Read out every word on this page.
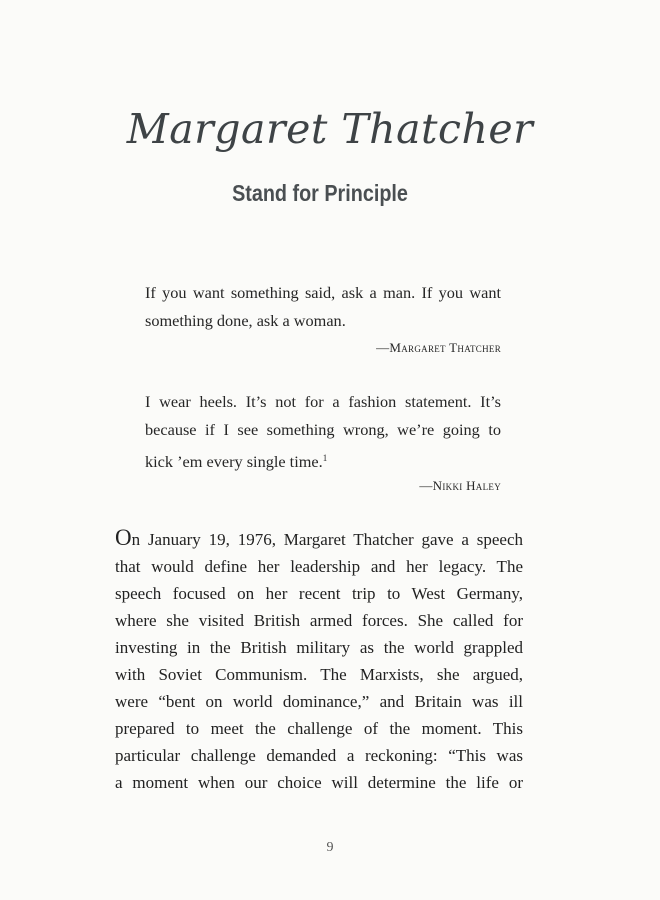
Margaret Thatcher
Stand for Principle
If you want something said, ask a man. If you want
something done, ask a woman.
—Margaret Thatcher
I wear heels. It’s not for a fashion statement. It’s
because if I see something wrong, we’re going to
kick ’em every single time.$^1$
—Nikki Haley
On January 19, 1976, Margaret Thatcher gave a speech
that would define her leadership and her legacy. The
speech focused on her recent trip to West Germany,
where she visited British armed forces. She called for
investing in the British military as the world grappled
with Soviet Communism. The Marxists, she argued,
were “bent on world dominance,” and Britain was ill
prepared to meet the challenge of the moment. This
particular challenge demanded a reckoning: “This was
a moment when our choice will determine the life or
9
